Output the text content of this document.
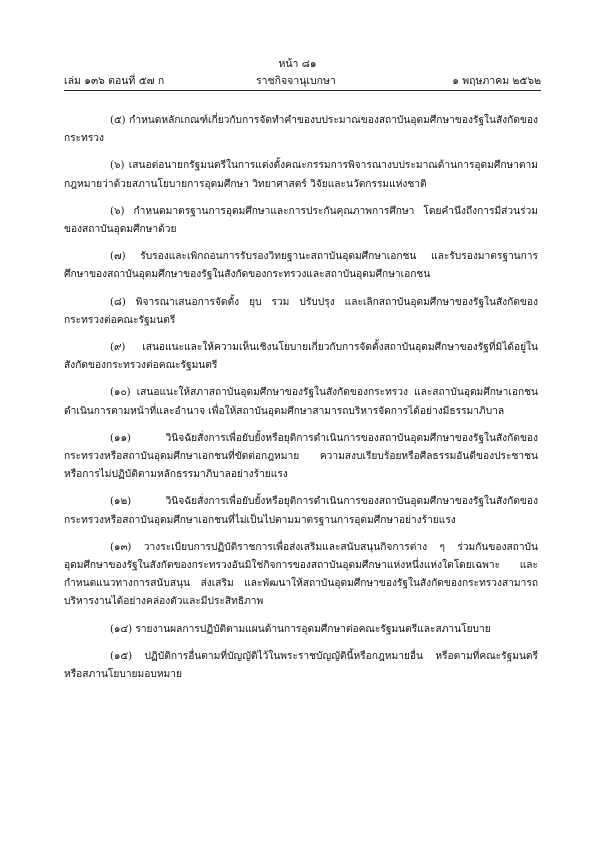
หน้า ๘๑
เล่ม ๑๓๖ ตอนที่ ๕๗ ก	ราชกิจจานุเบกษา	๑ พฤษภาคม ๒๕๖๒

(๕) กำหนดหลักเกณฑ์เกี่ยวกับการจัดทำคำของบประมาณของสถาบันอุดมศึกษาของรัฐในสังกัดของกระทรวง

(๖) เสนอต่อนายกรัฐมนตรีในการแต่งตั้งคณะกรรมการพิจารณางบประมาณด้านการอุดมศึกษาตามกฎหมายว่าด้วยสภานโยบายการอุดมศึกษา วิทยาศาสตร์ วิจัยและนวัตกรรมแห่งชาติ

(๖) กำหนดมาตรฐานการอุดมศึกษาและการประกันคุณภาพการศึกษา โดยคำนึงถึงการมีส่วนร่วมของสถาบันอุดมศึกษาด้วย

(๗) รับรองและเพิกถอนการรับรองวิทยฐานะสถาบันอุดมศึกษาเอกชน และรับรองมาตรฐานการศึกษาของสถาบันอุดมศึกษาของรัฐในสังกัดของกระทรวงและสถาบันอุดมศึกษาเอกชน

(๘) พิจารณาเสนอการจัดตั้ง ยุบ รวม ปรับปรุง และเลิกสถาบันอุดมศึกษาของรัฐในสังกัดของกระทรวงต่อคณะรัฐมนตรี

(๙) เสนอแนะและให้ความเห็นเชิงนโยบายเกี่ยวกับการจัดตั้งสถาบันอุดมศึกษาของรัฐที่มิได้อยู่ในสังกัดของกระทรวงต่อคณะรัฐมนตรี

(๑๐) เสนอแนะให้สภาสถาบันอุดมศึกษาของรัฐในสังกัดของกระทรวง และสถาบันอุดมศึกษาเอกชนดำเนินการตามหน้าที่และอำนาจ เพื่อให้สถาบันอุดมศึกษาสามารถบริหารจัดการได้อย่างมีธรรมาภิบาล

(๑๑) วินิจฉัยสั่งการเพื่อยับยั้งหรือยุติการดำเนินการของสถาบันอุดมศึกษาของรัฐในสังกัดของกระทรวงหรือสถาบันอุดมศึกษาเอกชนที่ขัดต่อกฎหมาย ความสงบเรียบร้อยหรือศีลธรรมอันดีของประชาชน หรือการไม่ปฏิบัติตามหลักธรรมาภิบาลอย่างร้ายแรง

(๑๒) วินิจฉัยสั่งการเพื่อยับยั้งหรือยุติการดำเนินการของสถาบันอุดมศึกษาของรัฐในสังกัดของกระทรวงหรือสถาบันอุดมศึกษาเอกชนที่ไม่เป็นไปตามมาตรฐานการอุดมศึกษาอย่างร้ายแรง

(๑๓) วางระเบียบการปฏิบัติราชการเพื่อส่งเสริมและสนับสนุนกิจการต่าง ๆ ร่วมกันของสถาบันอุดมศึกษาของรัฐในสังกัดของกระทรวงอันมิใช่กิจการของสถาบันอุดมศึกษาแห่งหนึ่งแห่งใดโดยเฉพาะ และกำหนดแนวทางการสนับสนุน ส่งเสริม และพัฒนาให้สถาบันอุดมศึกษาของรัฐในสังกัดของกระทรวงสามารถบริหารงานได้อย่างคล่องตัวและมีประสิทธิภาพ

(๑๔) รายงานผลการปฏิบัติตามแผนด้านการอุดมศึกษาต่อคณะรัฐมนตรีและสภานโยบาย

(๑๕) ปฏิบัติการอื่นตามที่บัญญัติไว้ในพระราชบัญญัตินี้หรือกฎหมายอื่น หรือตามที่คณะรัฐมนตรีหรือสภานโยบายมอบหมาย
